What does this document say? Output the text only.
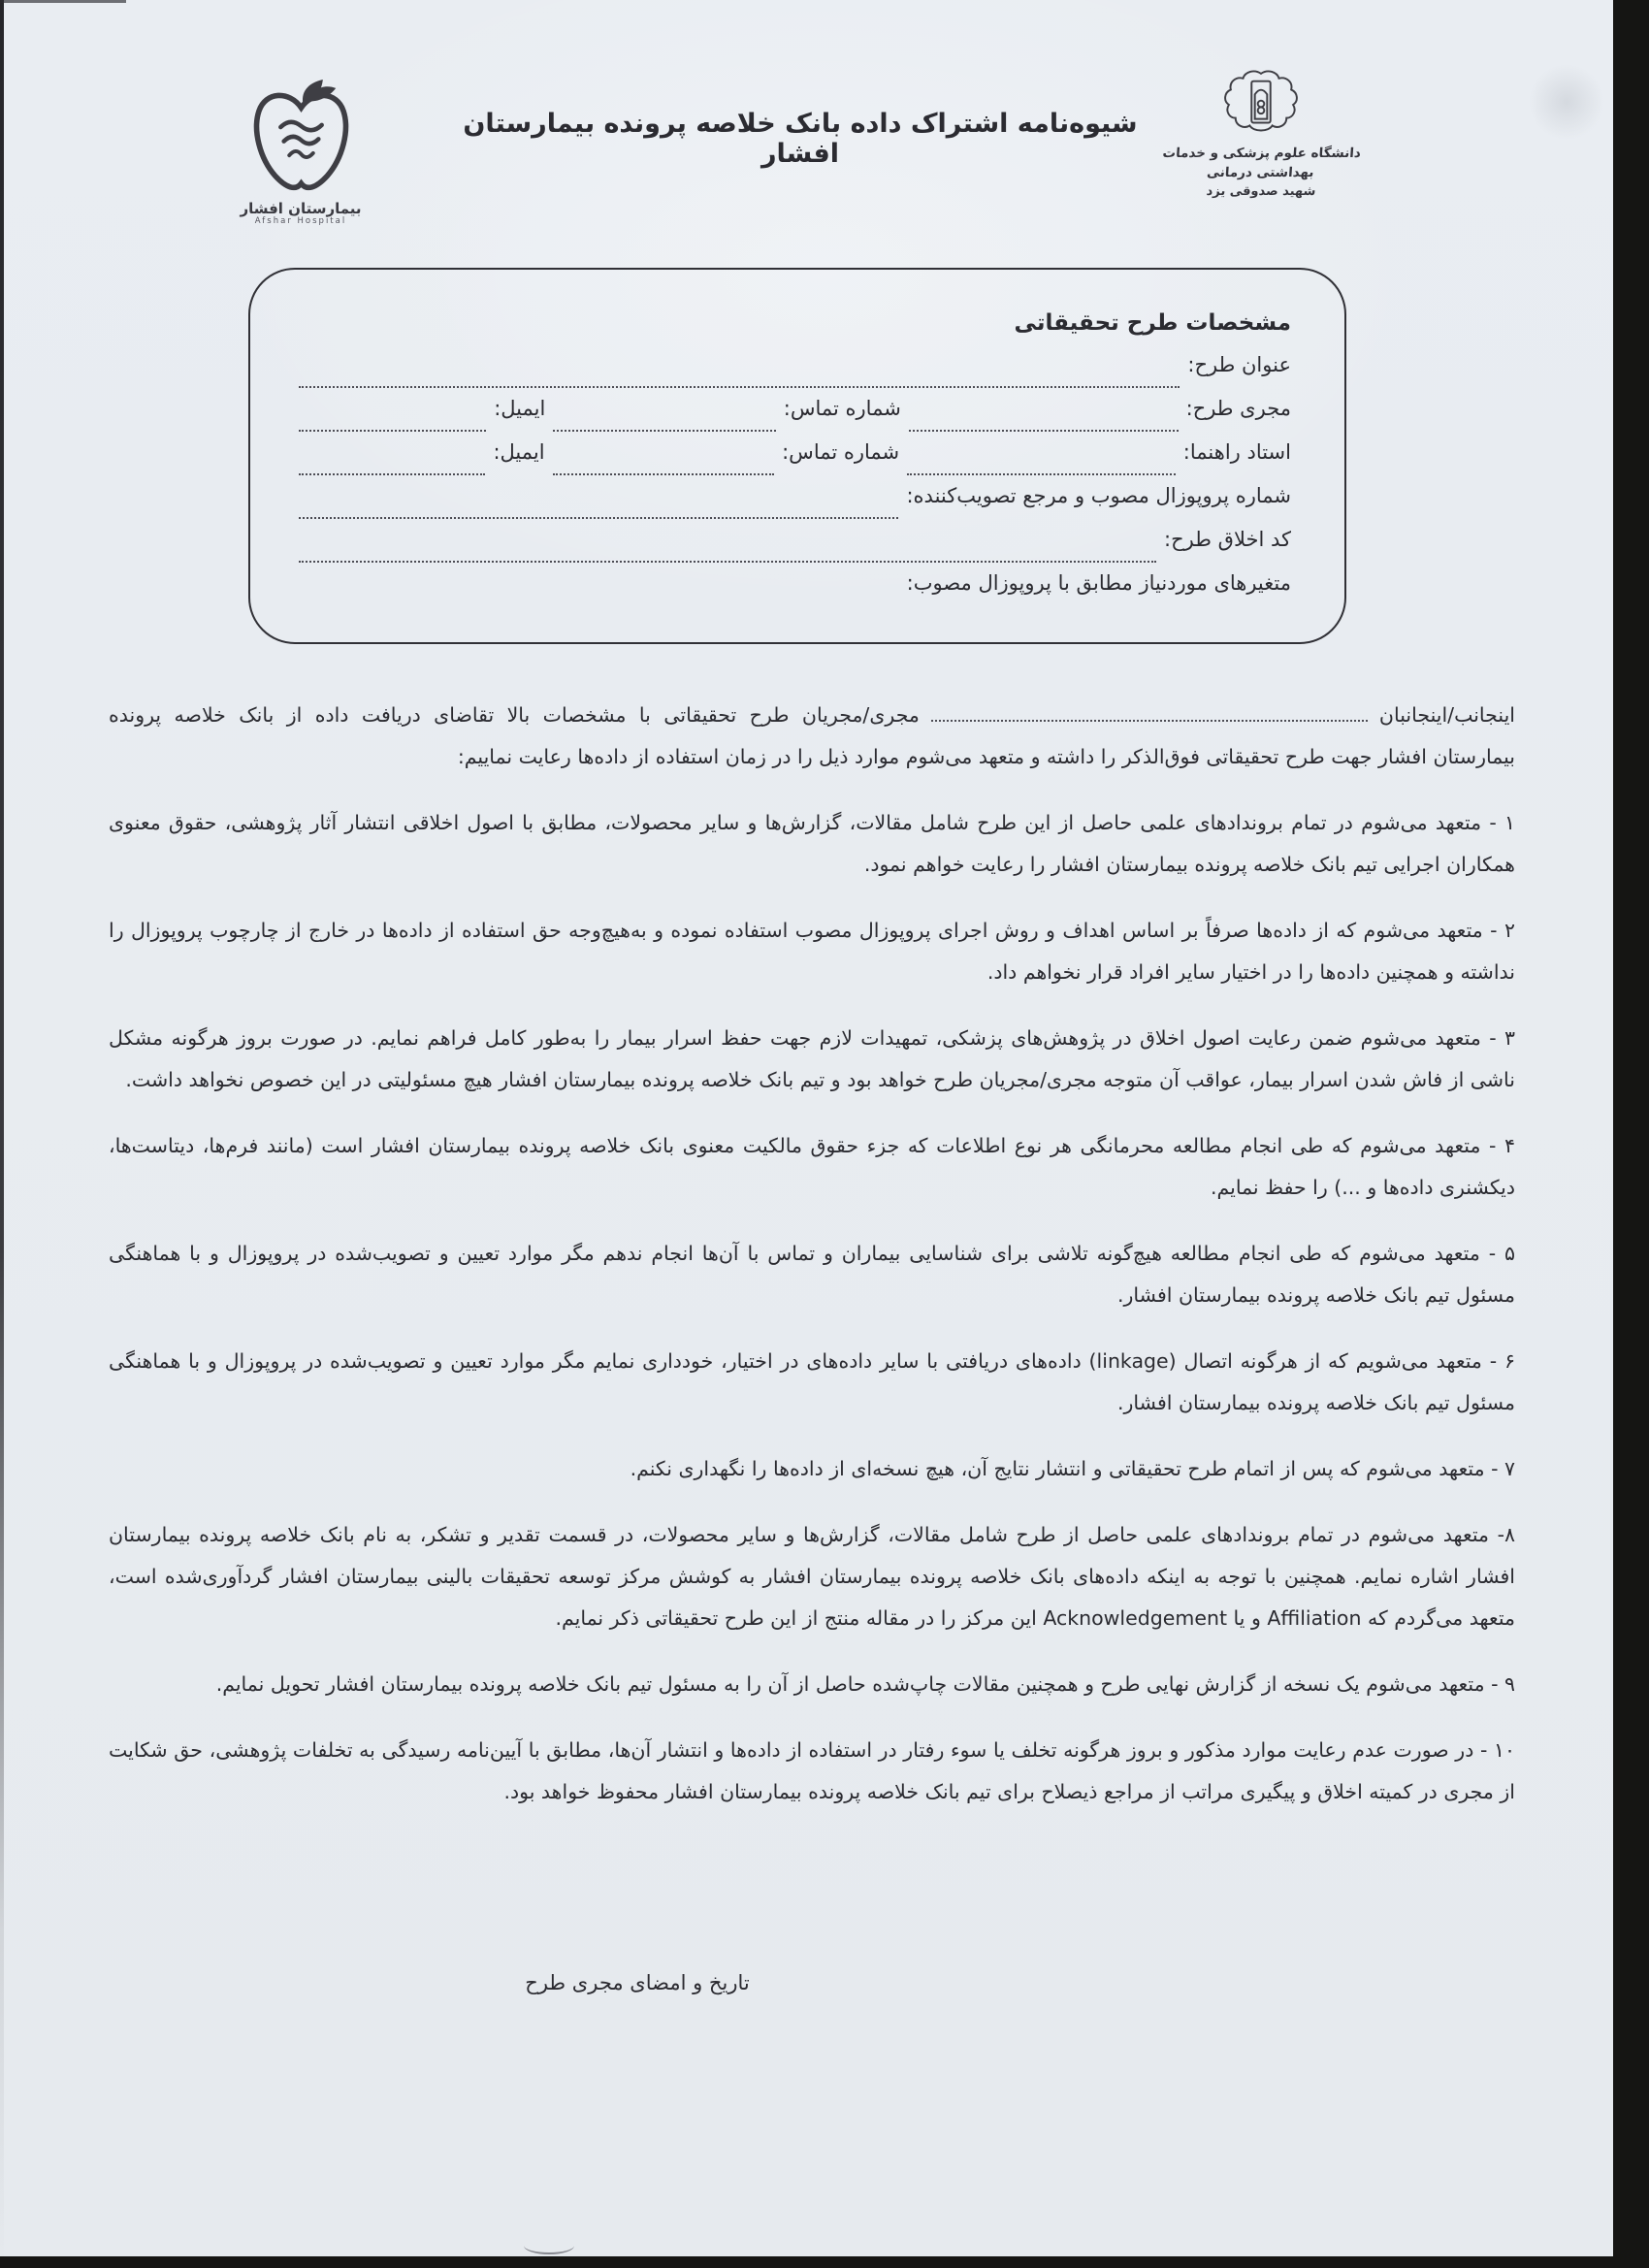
بیمارستان افشار
Afshar Hospital
شیوه‌نامه اشتراک داده بانک خلاصه پرونده بیمارستان افشار	دانشگاه علوم پزشکی و خدمات بهداشتی درمانی
شهید صدوقی یزد
مشخصات طرح تحقیقاتی
عنوان طرح:
مجری طرح:
شماره تماس:
ایمیل:
استاد راهنما:
شماره تماس:
ایمیل:
شماره پروپوزال مصوب و مرجع تصویب‌کننده:
کد اخلاق طرح:
متغیرهای موردنیاز مطابق با پروپوزال مصوب:

اینجانب/اینجانبانمجری/مجریان طرح تحقیقاتی با مشخصات بالا تقاضای دریافت داده از بانک خلاصه پرونده بیمارستان افشار جهت طرح تحقیقاتی فوق‌الذکر را داشته و متعهد می‌شوم موارد ذیل را در زمان استفاده از داده‌ها رعایت نماییم:

۱ - متعهد می‌شوم در تمام بروندادهای علمی حاصل از این طرح شامل مقالات، گزارش‌ها و سایر محصولات، مطابق با اصول اخلاقی انتشار آثار پژوهشی، حقوق معنوی همکاران اجرایی تیم بانک خلاصه پرونده بیمارستان افشار را رعایت خواهم نمود.

۲ - متعهد می‌شوم که از داده‌ها صرفاً بر اساس اهداف و روش اجرای پروپوزال مصوب استفاده نموده و به‌هیچ‌وجه حق استفاده از داده‌ها در خارج از چارچوب پروپوزال را نداشته و همچنین داده‌ها را در اختیار سایر افراد قرار نخواهم داد.

۳ - متعهد می‌شوم ضمن رعایت اصول اخلاق در پژوهش‌های پزشکی، تمهیدات لازم جهت حفظ اسرار بیمار را به‌طور کامل فراهم نمایم. در صورت بروز هرگونه مشکل ناشی از فاش شدن اسرار بیمار، عواقب آن متوجه مجری/مجریان طرح خواهد بود و تیم بانک خلاصه پرونده بیمارستان افشار هیچ مسئولیتی در این خصوص نخواهد داشت.

۴ - متعهد می‌شوم که طی انجام مطالعه محرمانگی هر نوع اطلاعات که جزء حقوق مالکیت معنوی بانک خلاصه پرونده بیمارستان افشار است (مانند فرم‌ها، دیتاست‌ها، دیکشنری داده‌ها و ...) را حفظ نمایم.

۵ - متعهد می‌شوم که طی انجام مطالعه هیچ‌گونه تلاشی برای شناسایی بیماران و تماس با آن‌ها انجام ندهم مگر موارد تعیین و تصویب‌شده در پروپوزال و با هماهنگی مسئول تیم بانک خلاصه پرونده بیمارستان افشار.

۶ - متعهد می‌شویم که از هرگونه اتصال (linkage) داده‌های دریافتی با سایر داده‌های در اختیار، خودداری نمایم مگر موارد تعیین و تصویب‌شده در پروپوزال و با هماهنگی مسئول تیم بانک خلاصه پرونده بیمارستان افشار.

۷ - متعهد می‌شوم که پس از اتمام طرح تحقیقاتی و انتشار نتایج آن، هیچ نسخه‌ای از داده‌ها را نگهداری نکنم.

۸- متعهد می‌شوم در تمام بروندادهای علمی حاصل از طرح شامل مقالات، گزارش‌ها و سایر محصولات، در قسمت تقدیر و تشکر، به نام بانک خلاصه پرونده بیمارستان افشار اشاره نمایم. همچنین با توجه به اینکه داده‌های بانک خلاصه پرونده بیمارستان افشار به کوشش مرکز توسعه تحقیقات بالینی بیمارستان افشار گردآوری‌شده است، متعهد می‌گردم که Affiliation و یا Acknowledgement این مرکز را در مقاله منتج از این طرح تحقیقاتی ذکر نمایم.

۹ - متعهد می‌شوم یک نسخه از گزارش نهایی طرح و همچنین مقالات چاپ‌شده حاصل از آن را به مسئول تیم بانک خلاصه پرونده بیمارستان افشار تحویل نمایم.

۱۰ - در صورت عدم رعایت موارد مذکور و بروز هرگونه تخلف یا سوء رفتار در استفاده از داده‌ها و انتشار آن‌ها، مطابق با آیین‌نامه رسیدگی به تخلفات پژوهشی، حق شکایت از مجری در کمیته اخلاق و پیگیری مراتب از مراجع ذیصلاح برای تیم بانک خلاصه پرونده بیمارستان افشار محفوظ خواهد بود.

تاریخ و امضای مجری طرح
